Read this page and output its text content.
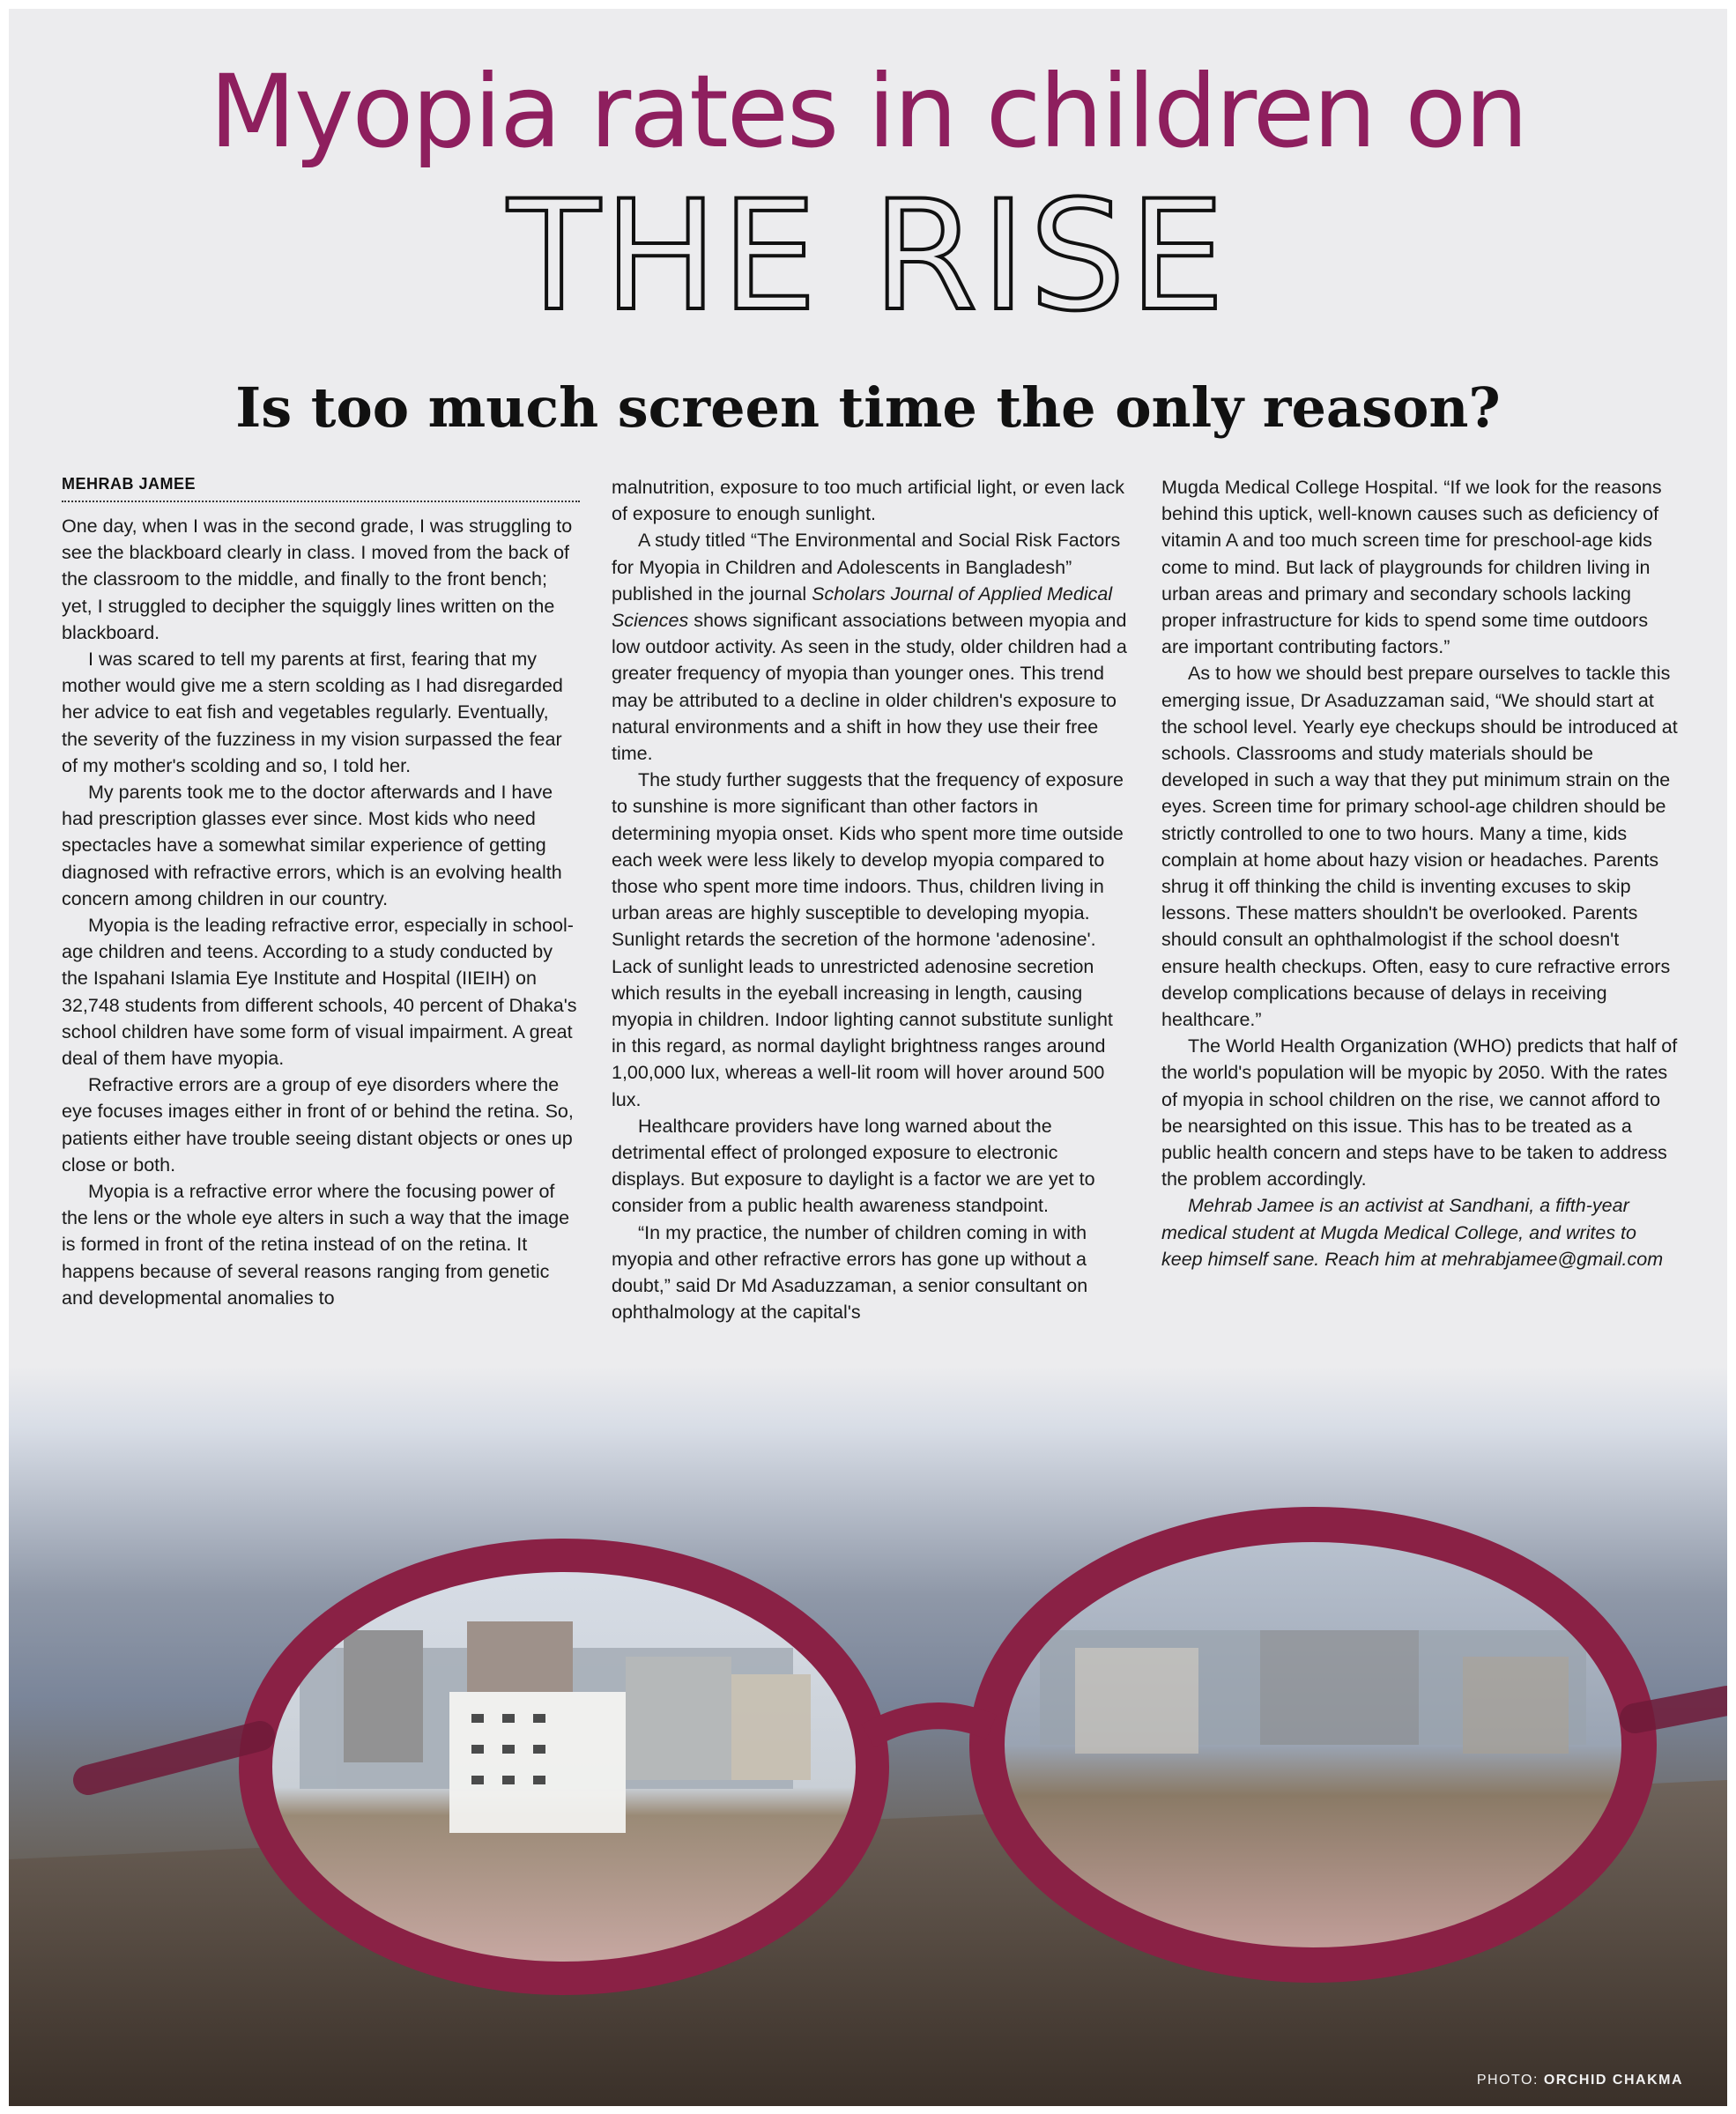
Myopia rates in children on
THE RISE
Is too much screen time the only reason?
MEHRAB JAMEE

One day, when I was in the second grade, I was struggling to see the blackboard clearly in class. I moved from the back of the classroom to the middle, and finally to the front bench; yet, I struggled to decipher the squiggly lines written on the blackboard.

I was scared to tell my parents at first, fearing that my mother would give me a stern scolding as I had disregarded her advice to eat fish and vegetables regularly. Eventually, the severity of the fuzziness in my vision surpassed the fear of my mother's scolding and so, I told her.

My parents took me to the doctor afterwards and I have had prescription glasses ever since. Most kids who need spectacles have a somewhat similar experience of getting diagnosed with refractive errors, which is an evolving health concern among children in our country.

Myopia is the leading refractive error, especially in school-age children and teens. According to a study conducted by the Ispahani Islamia Eye Institute and Hospital (IIEIH) on 32,748 students from different schools, 40 percent of Dhaka's school children have some form of visual impairment. A great deal of them have myopia.

Refractive errors are a group of eye disorders where the eye focuses images either in front of or behind the retina. So, patients either have trouble seeing distant objects or ones up close or both.

Myopia is a refractive error where the focusing power of the lens or the whole eye alters in such a way that the image is formed in front of the retina instead of on the retina. It happens because of several reasons ranging from genetic and developmental anomalies to

malnutrition, exposure to too much artificial light, or even lack of exposure to enough sunlight.

A study titled “The Environmental and Social Risk Factors for Myopia in Children and Adolescents in Bangladesh” published in the journal Scholars Journal of Applied Medical Sciences shows significant associations between myopia and low outdoor activity. As seen in the study, older children had a greater frequency of myopia than younger ones. This trend may be attributed to a decline in older children's exposure to natural environments and a shift in how they use their free time.

The study further suggests that the frequency of exposure to sunshine is more significant than other factors in determining myopia onset. Kids who spent more time outside each week were less likely to develop myopia compared to those who spent more time indoors. Thus, children living in urban areas are highly susceptible to developing myopia. Sunlight retards the secretion of the hormone 'adenosine'. Lack of sunlight leads to unrestricted adenosine secretion which results in the eyeball increasing in length, causing myopia in children. Indoor lighting cannot substitute sunlight in this regard, as normal daylight brightness ranges around 1,00,000 lux, whereas a well-lit room will hover around 500 lux.

Healthcare providers have long warned about the detrimental effect of prolonged exposure to electronic displays. But exposure to daylight is a factor we are yet to consider from a public health awareness standpoint.

“In my practice, the number of children coming in with myopia and other refractive errors has gone up without a doubt,” said Dr Md Asaduzzaman, a senior consultant on ophthalmology at the capital's

Mugda Medical College Hospital. “If we look for the reasons behind this uptick, well-known causes such as deficiency of vitamin A and too much screen time for preschool-age kids come to mind. But lack of playgrounds for children living in urban areas and primary and secondary schools lacking proper infrastructure for kids to spend some time outdoors are important contributing factors.”

As to how we should best prepare ourselves to tackle this emerging issue, Dr Asaduzzaman said, “We should start at the school level. Yearly eye checkups should be introduced at schools. Classrooms and study materials should be developed in such a way that they put minimum strain on the eyes. Screen time for primary school-age children should be strictly controlled to one to two hours. Many a time, kids complain at home about hazy vision or headaches. Parents shrug it off thinking the child is inventing excuses to skip lessons. These matters shouldn't be overlooked. Parents should consult an ophthalmologist if the school doesn't ensure health checkups. Often, easy to cure refractive errors develop complications because of delays in receiving healthcare.”

The World Health Organization (WHO) predicts that half of the world's population will be myopic by 2050. With the rates of myopia in school children on the rise, we cannot afford to be nearsighted on this issue. This has to be treated as a public health concern and steps have to be taken to address the problem accordingly.

Mehrab Jamee is an activist at Sandhani, a fifth-year medical student at Mugda Medical College, and writes to keep himself sane. Reach him at mehrabjamee@gmail.com

PHOTO: ORCHID CHAKMA
